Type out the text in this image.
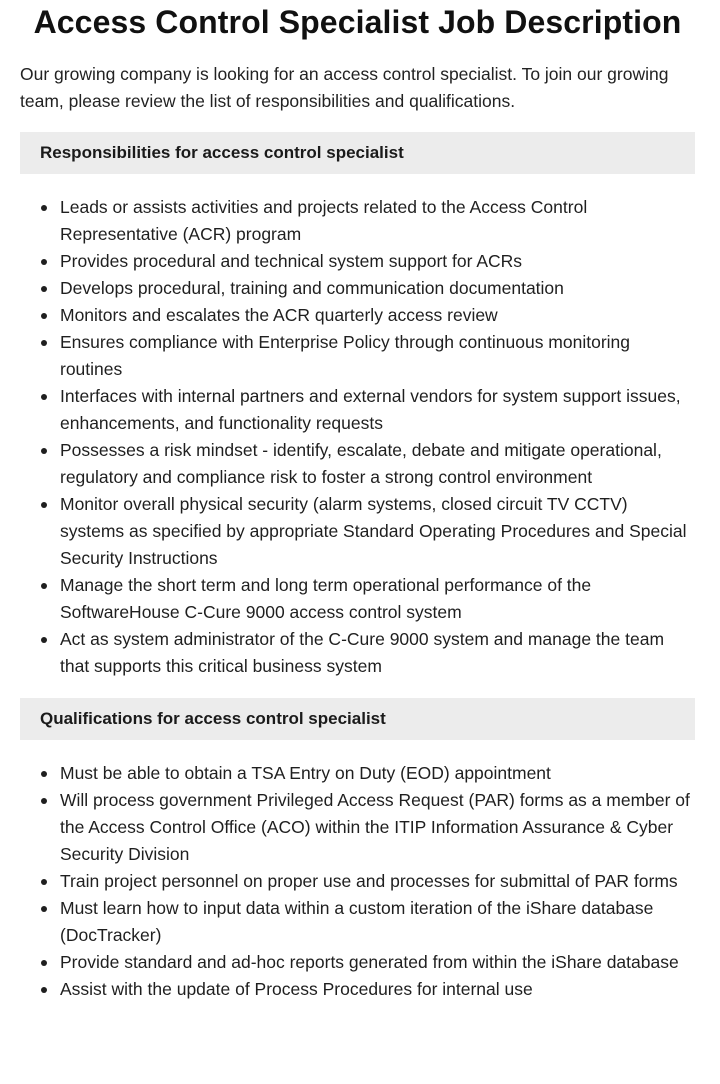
Access Control Specialist Job Description

Our growing company is looking for an access control specialist. To join our growing team, please review the list of responsibilities and qualifications.

Responsibilities for access control specialist
Leads or assists activities and projects related to the Access Control Representative (ACR) program
Provides procedural and technical system support for ACRs
Develops procedural, training and communication documentation
Monitors and escalates the ACR quarterly access review
Ensures compliance with Enterprise Policy through continuous monitoring routines
Interfaces with internal partners and external vendors for system support issues, enhancements, and functionality requests
Possesses a risk mindset - identify, escalate, debate and mitigate operational, regulatory and compliance risk to foster a strong control environment
Monitor overall physical security (alarm systems, closed circuit TV CCTV) systems as specified by appropriate Standard Operating Procedures and Special Security Instructions
Manage the short term and long term operational performance of the SoftwareHouse C-Cure 9000 access control system
Act as system administrator of the C-Cure 9000 system and manage the team that supports this critical business system
Qualifications for access control specialist
Must be able to obtain a TSA Entry on Duty (EOD) appointment
Will process government Privileged Access Request (PAR) forms as a member of the Access Control Office (ACO) within the ITIP Information Assurance & Cyber Security Division
Train project personnel on proper use and processes for submittal of PAR forms
Must learn how to input data within a custom iteration of the iShare database (DocTracker)
Provide standard and ad-hoc reports generated from within the iShare database
Assist with the update of Process Procedures for internal use
